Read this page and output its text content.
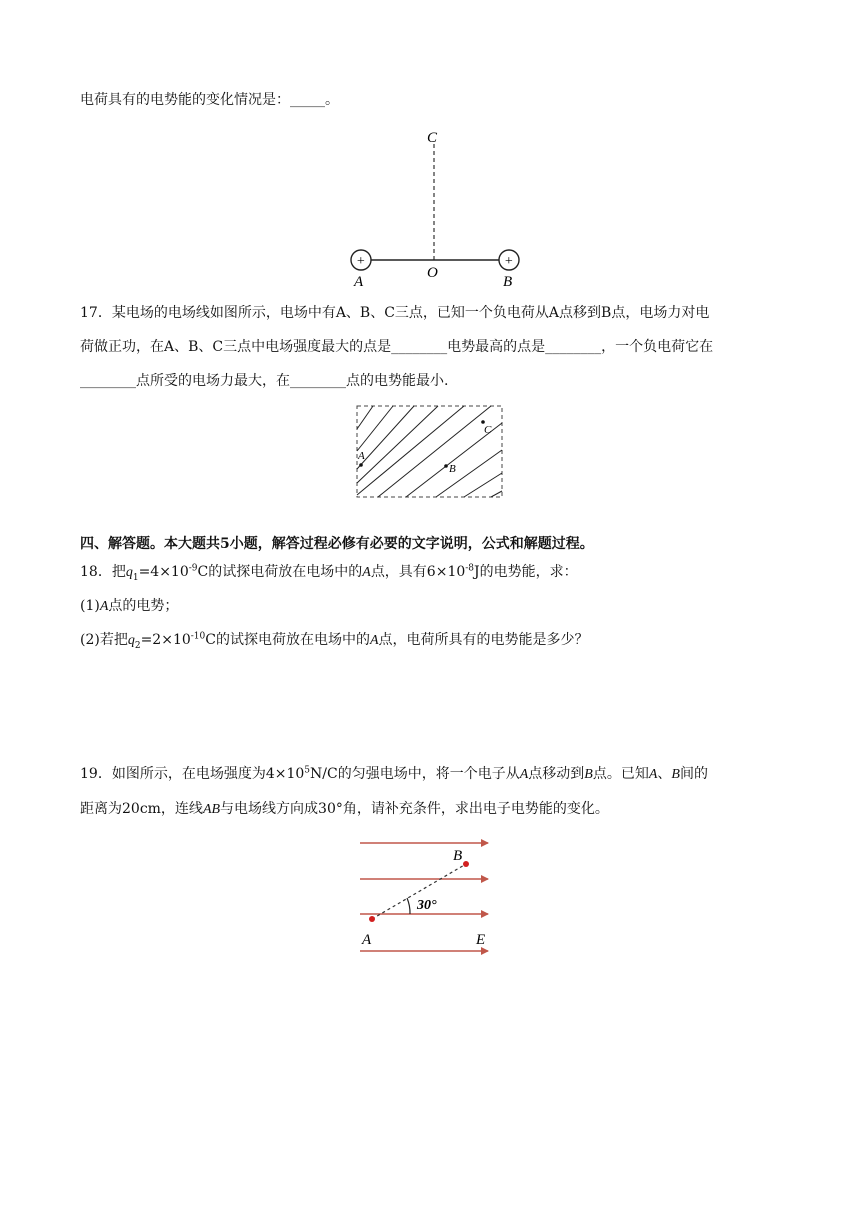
电荷具有的电势能的变化情况是：_____。
C
+	+
O
A	B
17．某电场的电场线如图所示，电场中有A、B、C三点，已知一个负电荷从A点移到B点，电场力对电
荷做正功，在A、B、C三点中电场强度最大的点是________电势最高的点是________，一个负电荷它在
________点所受的电场力最大，在________点的电势能最小.
A
B
C
四、解答题。本大题共5小题，解答过程必修有必要的文字说明，公式和解题过程。
18．把$q_1=4\times 10^{-9}C$的试探电荷放在电场中的A点，具有$6\times 10^{-8}J$的电势能，求：
(1)A点的电势；
(2)若把$q_2=2\times 10^{-10}C$的试探电荷放在电场中的A点，电荷所具有的电势能是多少？
19．如图所示，在电场强度为$4\times 10^5N/C$的匀强电场中，将一个电子从A点移动到B点。已知A、B间的
距离为20cm，连线AB与电场线方向成30°角，请补充条件，求出电子电势能的变化。
30°
B
A	E
